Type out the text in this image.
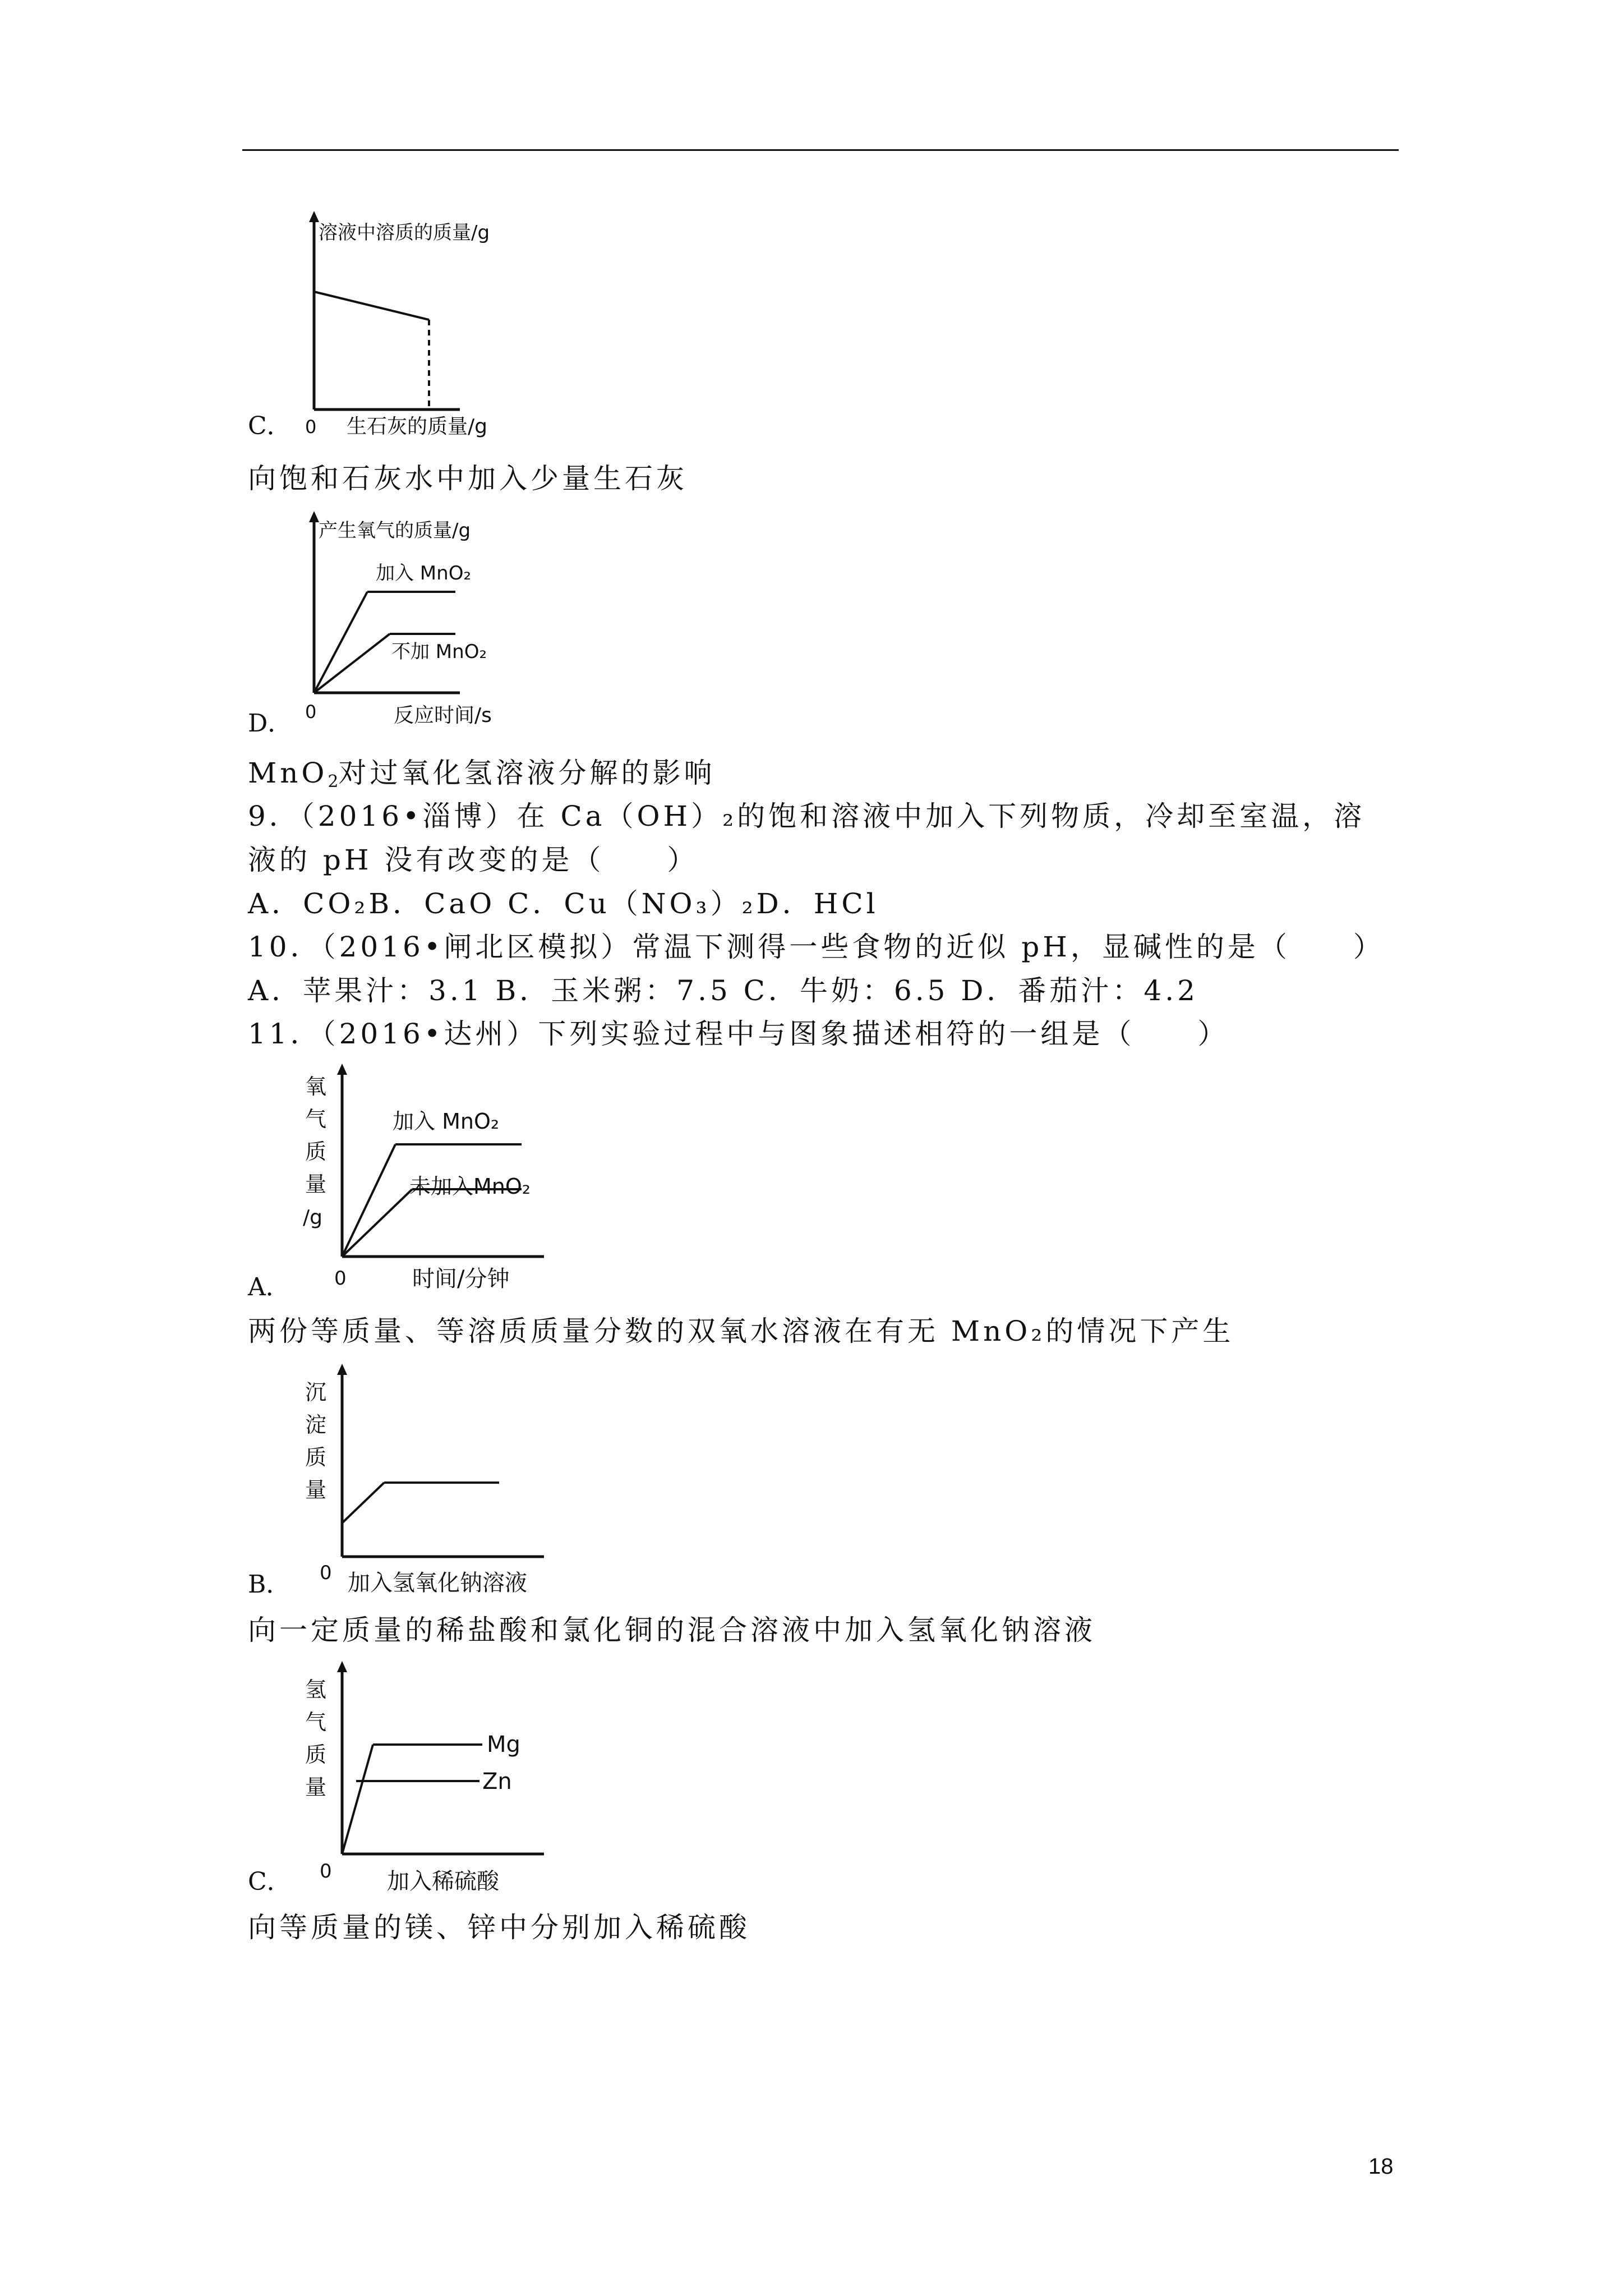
溶液中溶质的质量/g
0 生石灰的质量/g
C．
向饱和石灰水中加入少量生石灰
产生氧气的质量/g
加入 MnO₂
不加 MnO₂
0	反应时间/s
D．
MnO$_2$对过氧化氢溶液分解的影响
9．（2016•淄博）在 Ca（OH）₂的饱和溶液中加入下列物质，冷却至室温，溶
液的 pH 没有改变的是（　　）
A．CO₂B．CaO C．Cu（NO₃）₂D．HCl
10．（2016•闸北区模拟）常温下测得一些食物的近似 pH，显碱性的是（　　）
A．苹果汁：3.1 B．玉米粥：7.5 C．牛奶：6.5 D．番茄汁：4.2
11．（2016•达州）下列实验过程中与图象描述相符的一组是（　　）
氧
气
质
量
/g
加入 MnO₂
未加入MnO₂
0	时间/分钟
A．
两份等质量、等溶质质量分数的双氧水溶液在有无 MnO₂的情况下产生
沉
淀
质
量
0 加入氢氧化钠溶液
B．
向一定质量的稀盐酸和氯化铜的混合溶液中加入氢氧化钠溶液
氢
气
质
量
Mg
Zn
0 加入稀硫酸
C．
向等质量的镁、锌中分别加入稀硫酸
18
